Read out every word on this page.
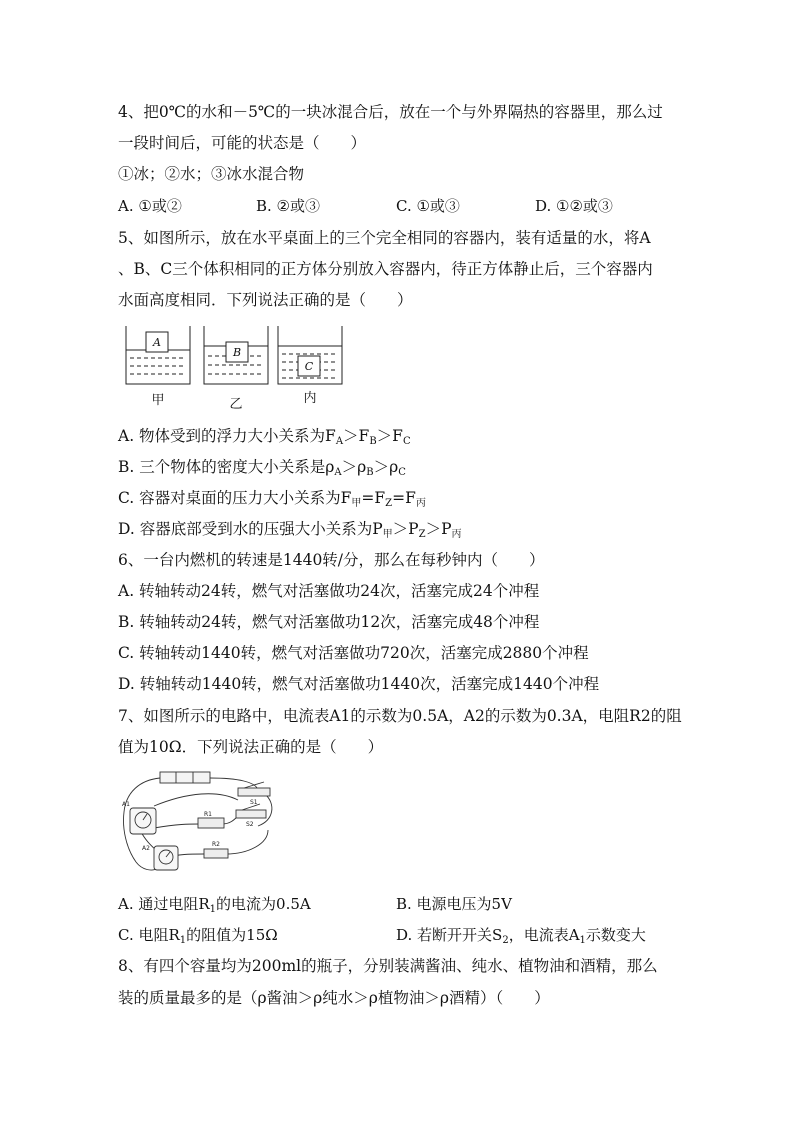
4、把0℃的水和－5℃的一块冰混合后，放在一个与外界隔热的容器里，那么过
一段时间后，可能的状态是（　　）
①冰；②水；③冰水混合物
A. ①或②	B. ②或③	C. ①或③	D. ①②或③
5、如图所示，放在水平桌面上的三个完全相同的容器内，装有适量的水，将A
、B、C三个体积相同的正方体分别放入容器内，待正方体静止后，三个容器内
水面高度相同．下列说法正确的是（　　）
A
B
C
甲	乙	内
A. 物体受到的浮力大小关系为$F_A>F_B>F_C$
B. 三个物体的密度大小关系是$\rho_A>\rho_B>\rho_C$
C. 容器对桌面的压力大小关系为$F_甲=F_Z=F_丙$
D. 容器底部受到水的压强大小关系为$P_甲>P_Z>P_丙$
6、一台内燃机的转速是1440转/分，那么在每秒钟内（　　）
A. 转轴转动24转，燃气对活塞做功24次，活塞完成24个冲程
B. 转轴转动24转，燃气对活塞做功12次，活塞完成48个冲程
C. 转轴转动1440转，燃气对活塞做功720次，活塞完成2880个冲程
D. 转轴转动1440转，燃气对活塞做功1440次，活塞完成1440个冲程
7、如图所示的电路中，电流表A1的示数为0.5A，A2的示数为0.3A，电阻R2的阻
值为10Ω．下列说法正确的是（　　）
S1
A1
R1
S2
A2
R2
A. 通过电阻$R_1$的电流为0.5A	B. 电源电压为5V
C. 电阻$R_1$的阻值为15Ω	D. 若断开开关$S_2$，电流表$A_1$示数变大
8、有四个容量均为200ml的瓶子，分别装满酱油、纯水、植物油和酒精，那么
装的质量最多的是（ρ酱油＞ρ纯水＞ρ植物油＞ρ酒精）（　　）
